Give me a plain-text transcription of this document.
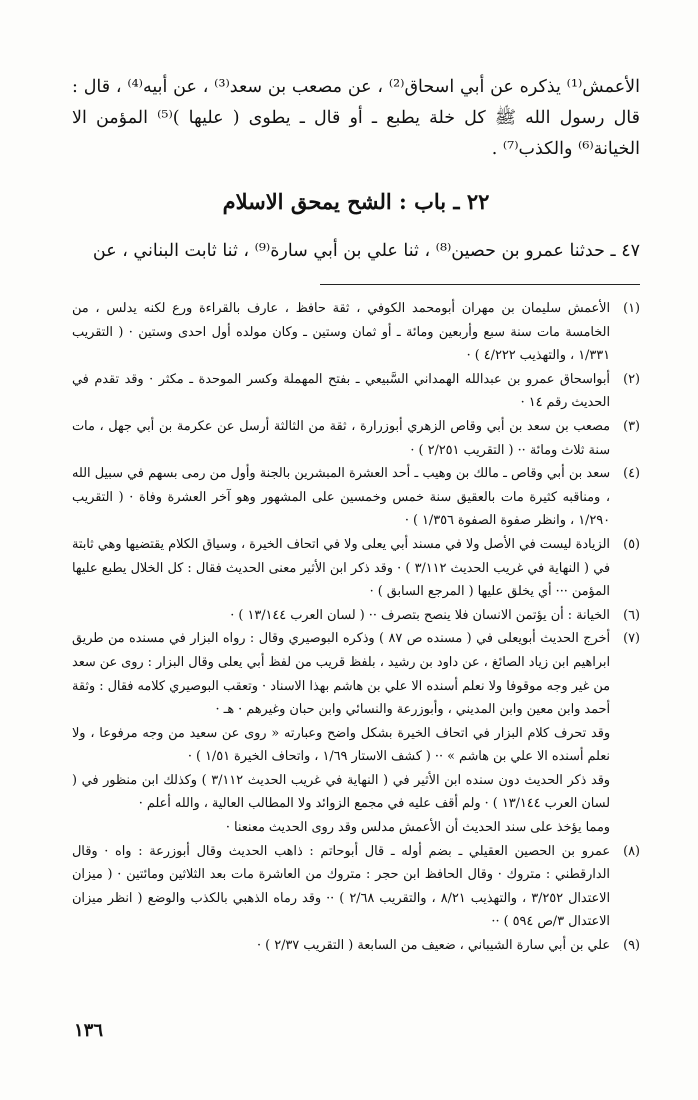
الأعمش⁽¹⁾ يذكره عن أبي اسحاق⁽²⁾ ، عن مصعب بن سعد⁽³⁾ ، عن أبيه⁽⁴⁾ ، قال : قال رسول الله ﷺ كل خلة يطبع ـ أو قال ـ يطوى ( عليها )⁽⁵⁾ المؤمن الا الخيانة⁽⁶⁾ والكذب⁽⁷⁾ .

٢٢ ـ باب : الشح يمحق الاسلام

٤٧ ـ حدثنا عمرو بن حصين⁽⁸⁾ ، ثنا علي بن أبي سارة⁽⁹⁾ ، ثنا ثابت البناني ، عن

(١)

الأعمش سليمان بن مهران أبومحمد الكوفي ، ثقة حافظ ، عارف بالقراءة ورع لكنه يدلس ، من الخامسة مات سنة سبع وأربعين ومائة ـ أو ثمان وستين ـ وكان مولده أول احدى وستين · ( التقريب ١/٣٣١ ، والتهذيب ٤/٢٢٢ ) ·

(٢)

أبواسحاق عمرو بن عبدالله الهمداني السَّبيعي ـ بفتح المهملة وكسر الموحدة ـ مكثر · وقد تقدم في الحديث رقم ١٤ ·

(٣)

مصعب بن سعد بن أبي وقاص الزهري أبوزرارة ، ثقة من الثالثة أرسل عن عكرمة بن أبي جهل ، مات سنة ثلاث ومائة ·· ( التقريب ٢/٢٥١ ) ·

(٤)

سعد بن أبي وقاص ـ مالك بن وهيب ـ أحد العشرة المبشرين بالجنة وأول من رمى بسهم في سبيل الله ، ومناقبه كثيرة مات بالعقيق سنة خمس وخمسين على المشهور وهو آخر العشرة وفاة · ( التقريب ١/٢٩٠ ، وانظر صفوة الصفوة ١/٣٥٦ ) ·

(٥)

الزيادة ليست في الأصل ولا في مسند أبي يعلى ولا في اتحاف الخيرة ، وسياق الكلام يقتضيها وهي ثابتة في ( النهاية في غريب الحديث ٣/١١٢ ) · وقد ذكر ابن الأثير معنى الحديث فقال : كل الخلال يطبع عليها المؤمن ··· أي يخلق عليها ( المرجع السابق ) ·

(٦)

الخيانة : أن يؤتمن الانسان فلا ينصح بتصرف ·· ( لسان العرب ١٣/١٤٤ ) ·

(٧)

أخرج الحديث أبويعلى في ( مسنده ص ٨٧ ) وذكره البوصيري وقال : رواه البزار في مسنده من طريق ابراهيم ابن زياد الصائغ ، عن داود بن رشيد ، بلفظ قريب من لفظ أبي يعلى وقال البزار : روى عن سعد من غير وجه موقوفا ولا نعلم أسنده الا علي بن هاشم بهذا الاسناد · وتعقب البوصيري كلامه فقال : وثقة أحمد وابن معين وابن المديني ، وأبوزرعة والنسائي وابن حبان وغيرهم · هـ ·

وقد تحرف كلام البزار في اتحاف الخيرة بشكل واضح وعبارته « روى عن سعيد من وجه مرفوعا ، ولا نعلم أسنده الا علي بن هاشم » ·· ( كشف الاستار ١/٦٩ ، واتحاف الخيرة ١/٥١ ) ·

وقد ذكر الحديث دون سنده ابن الأثير في ( النهاية في غريب الحديث ٣/١١٢ ) وكذلك ابن منظور في ( لسان العرب ١٣/١٤٤ ) · ولم أقف عليه في مجمع الزوائد ولا المطالب العالية ، والله أعلم ·

ومما يؤخذ على سند الحديث أن الأعمش مدلس وقد روى الحديث معنعنا ·

(٨)

عمرو بن الحصين العقيلي ـ بضم أوله ـ قال أبوحاتم : ذاهب الحديث وقال أبوزرعة : واه · وقال الدارقطني : متروك · وقال الحافظ ابن حجر : متروك من العاشرة مات بعد الثلاثين ومائتين · ( ميزان الاعتدال ٣/٢٥٢ ، والتهذيب ٨/٢١ ، والتقريب ٢/٦٨ ) ·· وقد رماه الذهبي بالكذب والوضع ( انظر ميزان الاعتدال ٣/ص ٥٩٤ ) ··

(٩)

علي بن أبي سارة الشيباني ، ضعيف من السابعة ( التقريب ٢/٣٧ ) ·

١٣٦
